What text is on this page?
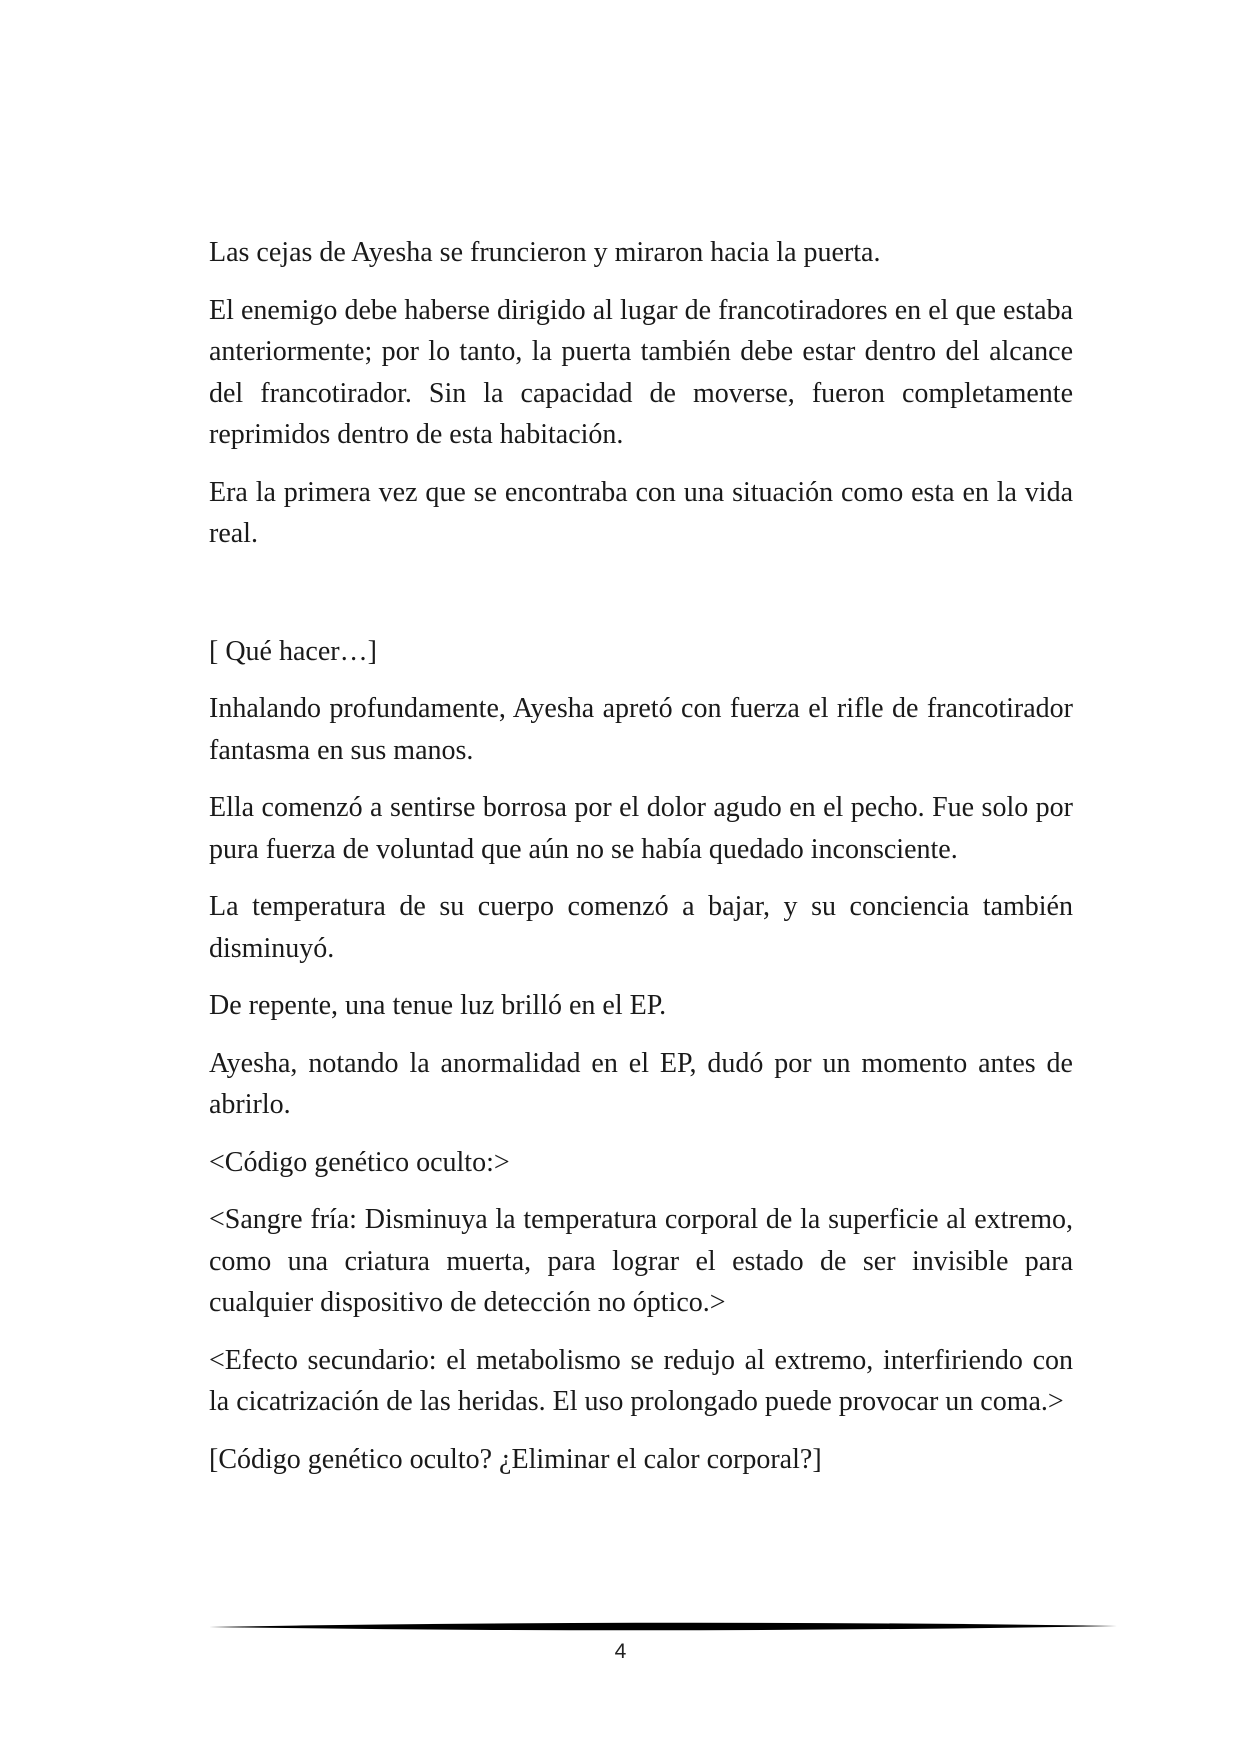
Las cejas de Ayesha se fruncieron y miraron hacia la puerta.

El enemigo debe haberse dirigido al lugar de francotiradores en el que estaba anteriormente; por lo tanto, la puerta también debe estar dentro del alcance del francotirador. Sin la capacidad de moverse, fueron completamente reprimidos dentro de esta habitación.

Era la primera vez que se encontraba con una situación como esta en la vida real.

[ Qué hacer…]

Inhalando profundamente, Ayesha apretó con fuerza el rifle de francotirador fantasma en sus manos.

Ella comenzó a sentirse borrosa por el dolor agudo en el pecho. Fue solo por pura fuerza de voluntad que aún no se había quedado inconsciente.

La temperatura de su cuerpo comenzó a bajar, y su conciencia también disminuyó.

De repente, una tenue luz brilló en el EP.

Ayesha, notando la anormalidad en el EP, dudó por un momento antes de abrirlo.

<Código genético oculto:>

<Sangre fría: Disminuya la temperatura corporal de la superficie al extremo, como una criatura muerta, para lograr el estado de ser invisible para cualquier dispositivo de detección no óptico.>

<Efecto secundario: el metabolismo se redujo al extremo, interfiriendo con la cicatrización de las heridas. El uso prolongado puede provocar un coma.>

[Código genético oculto? ¿Eliminar el calor corporal?]

4
